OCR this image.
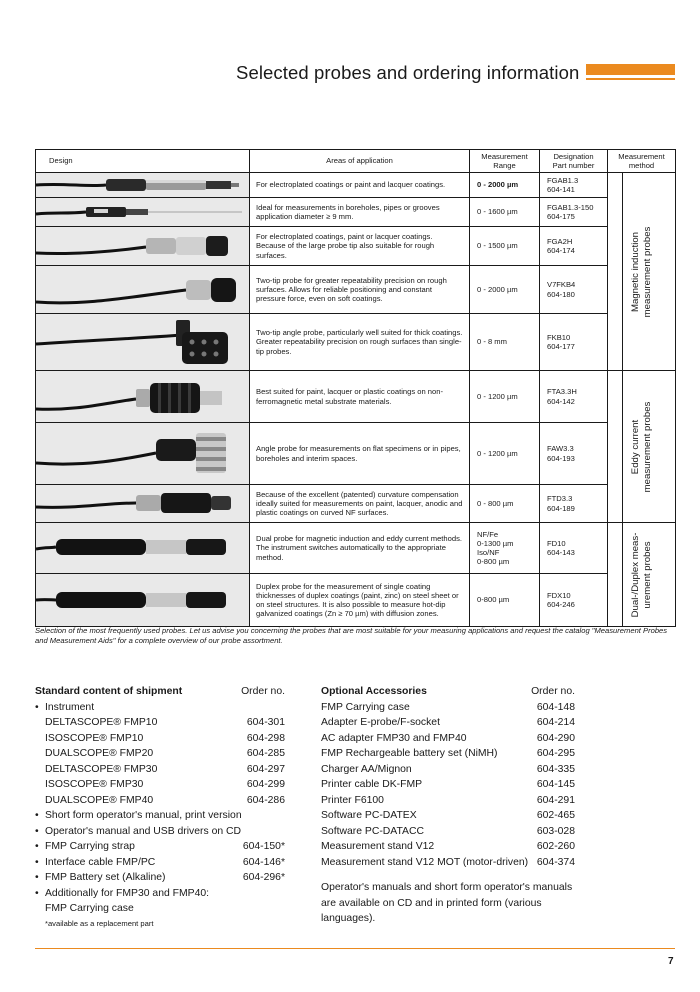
Selected probes and ordering information
Design	Areas of application	Measurement
Range	Designation
Part number	Measurement
method

	For electroplated coatings or paint and lacquer coatings.	0 - 2000 µm	FGAB1.3
604-141	Magnetic induction measurement probes

	Ideal for measurements in boreholes, pipes or grooves application diameter ≥ 9 mm.	0 - 1600 µm	FGAB1.3-150
604-175	

	For electroplated coatings, paint or lacquer coatings. Because of the large probe tip also suitable for rough surfaces.	0 - 1500 µm	FGA2H
604-174	

	Two-tip probe for greater repeatability precision on rough surfaces. Allows for reliable positioning and constant pressure force, even on soft coatings.	0 - 2000 µm	V7FKB4
604-180	

	Two-tip angle probe, particularly well suited for thick coatings. Greater repeatability precision on rough surfaces than single-tip probes.	0 - 8 mm	FKB10
604-177	

	Best suited for paint, lacquer or plastic coatings on non-ferromagnetic metal substrate materials.	0 - 1200 µm	FTA3.3H
604-142	Eddy current measurement probes

	Angle probe for measurements on flat specimens or in pipes, boreholes and interim spaces.	0 - 1200 µm	FAW3.3
604-193	

	Because of the excellent (patented) curvature compensation ideally suited for measurements on paint, lacquer, anodic and plastic coatings on curved NF surfaces.	0 - 800 µm	FTD3.3
604-189	

	Dual probe for magnetic induction and eddy current methods. The instrument switches automatically to the appropriate method.	NF/Fe
0-1300 µm
Iso/NF
0-800 µm	FD10
604-143	Dual-/Duplex meas- urement probes

	Duplex probe for the measurement of single coating thicknesses of duplex coatings (paint, zinc) on steel sheet or on steel structures. It is also possible to measure hot-dip galvanized coatings (Zn ≥ 70 µm) with diffusion zones.	0-800 µm	FDX10
604-246	
Selection of the most frequently used probes. Let us advise you concerning the probes that are most suitable for your measuring applications and request the catalog "Measurement Probes and Measurement Aids" for a complete overview of our probe assortment.
Standard content of shipment	Order no.
• Instrument
DELTASCOPE® FMP10	604-301
ISOSCOPE® FMP10	604-298
DUALSCOPE® FMP20	604-285
DELTASCOPE® FMP30	604-297
ISOSCOPE® FMP30	604-299
DUALSCOPE® FMP40	604-286
• Short form operator's manual, print version
• Operator's manual and USB drivers on CD
• FMP Carrying strap	604-150*
• Interface cable FMP/PC	604-146*
• FMP Battery set (Alkaline)	604-296*
• Additionally for FMP30 and FMP40:
FMP Carrying case
*available as a replacement part
Optional Accessories	Order no.
FMP Carrying case	604-148
Adapter E-probe/F-socket	604-214
AC adapter FMP30 and FMP40	604-290
FMP Rechargeable battery set (NiMH)	604-295
Charger AA/Mignon	604-335
Printer cable DK-FMP	604-145
Printer F6100	604-291
Software PC-DATEX	602-465
Software PC-DATACC	603-028
Measurement stand V12	602-260
Measurement stand V12 MOT (motor-driven) 604-374
Operator's manuals and short form operator's manuals are available on CD and in printed form (various languages).
7
